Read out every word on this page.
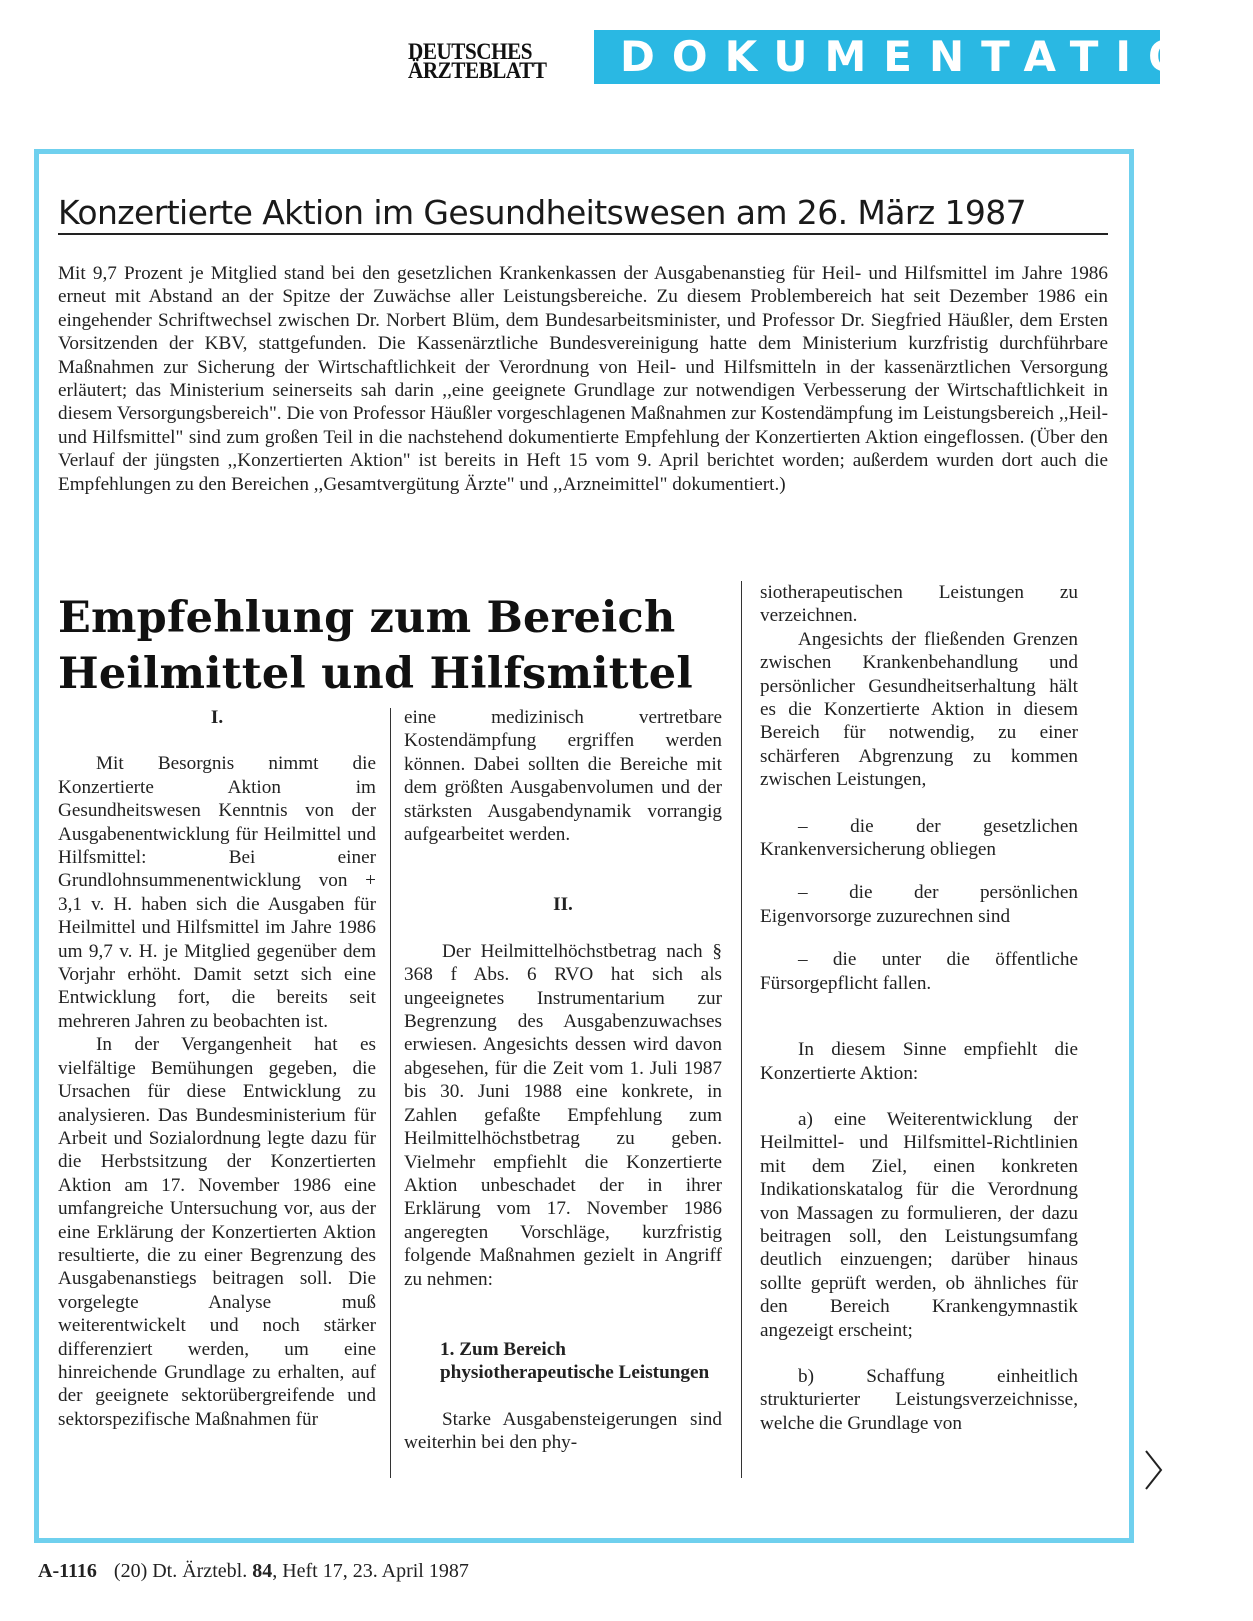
DEUTSCHES
ÄRZTEBLATT	DOKUMENTATION
Konzertierte Aktion im Gesundheitswesen am 26. März 1987
Mit 9,7 Prozent je Mitglied stand bei den gesetzlichen Krankenkassen der Ausgabenanstieg für Heil- und Hilfsmittel im Jahre 1986 erneut mit Abstand an der Spitze der Zuwächse aller Leistungsbereiche. Zu diesem Problembereich hat seit Dezember 1986 ein eingehender Schriftwechsel zwischen Dr. Norbert Blüm, dem Bundesarbeitsminister, und Professor Dr. Siegfried Häußler, dem Ersten Vorsitzenden der KBV, stattgefunden. Die Kassenärztliche Bundesvereinigung hatte dem Ministerium kurzfristig durchführbare Maßnahmen zur Sicherung der Wirtschaftlichkeit der Verordnung von Heil- und Hilfsmitteln in der kassenärztlichen Versorgung erläutert; das Ministerium seinerseits sah darin ,,eine geeignete Grundlage zur notwendigen Verbesserung der Wirtschaftlichkeit in diesem Versorgungsbereich". Die von Professor Häußler vorgeschlagenen Maßnahmen zur Kostendämpfung im Leistungsbereich ,,Heil- und Hilfsmittel" sind zum großen Teil in die nachstehend dokumentierte Empfehlung der Konzertierten Aktion eingeflossen. (Über den Verlauf der jüngsten ,,Konzertierten Aktion" ist bereits in Heft 15 vom 9. April berichtet worden; außerdem wurden dort auch die Empfehlungen zu den Bereichen ,,Gesamtvergütung Ärzte" und ,,Arzneimittel" dokumentiert.)
Empfehlung zum Bereich
Heilmittel und Hilfsmittel

I.

Mit Besorgnis nimmt die Konzertierte Aktion im Gesundheitswesen Kenntnis von der Ausgabenentwicklung für Heilmittel und Hilfsmittel: Bei einer Grundlohnsummenentwicklung von + 3,1 v. H. haben sich die Ausgaben für Heilmittel und Hilfsmittel im Jahre 1986 um 9,7 v. H. je Mitglied gegenüber dem Vorjahr erhöht. Damit setzt sich eine Entwicklung fort, die bereits seit mehreren Jahren zu beobachten ist.

In der Vergangenheit hat es vielfältige Bemühungen gegeben, die Ursachen für diese Entwicklung zu analysieren. Das Bundesministerium für Arbeit und Sozialordnung legte dazu für die Herbstsitzung der Konzertierten Aktion am 17. November 1986 eine umfangreiche Untersuchung vor, aus der eine Erklärung der Konzertierten Aktion resultierte, die zu einer Begrenzung des Ausgabenanstiegs beitragen soll. Die vorgelegte Analyse muß weiterentwickelt und noch stärker differenziert werden, um eine hinreichende Grundlage zu erhalten, auf der geeignete sektorübergreifende und sektorspezifische Maßnahmen für

eine medizinisch vertretbare Kostendämpfung ergriffen werden können. Dabei sollten die Bereiche mit dem größten Ausgabenvolumen und der stärksten Ausgabendynamik vorrangig aufgearbeitet werden.

II.

Der Heilmittelhöchstbetrag nach § 368 f Abs. 6 RVO hat sich als ungeeignetes Instrumentarium zur Begrenzung des Ausgabenzuwachses erwiesen. Angesichts dessen wird davon abgesehen, für die Zeit vom 1. Juli 1987 bis 30. Juni 1988 eine konkrete, in Zahlen gefaßte Empfehlung zum Heilmittelhöchstbetrag zu geben. Vielmehr empfiehlt die Konzertierte Aktion unbeschadet der in ihrer Erklärung vom 17. November 1986 angeregten Vorschläge, kurzfristig folgende Maßnahmen gezielt in Angriff zu nehmen:

1. Zum Bereich physiotherapeutische Leistungen

Starke Ausgabensteigerungen sind weiterhin bei den phy-

siotherapeutischen Leistungen zu verzeichnen.

Angesichts der fließenden Grenzen zwischen Krankenbehandlung und persönlicher Gesundheitserhaltung hält es die Konzertierte Aktion in diesem Bereich für notwendig, zu einer schärferen Abgrenzung zu kommen zwischen Leistungen,

– die der gesetzlichen Krankenversicherung obliegen

– die der persönlichen Eigenvorsorge zuzurechnen sind

– die unter die öffentliche Fürsorgepflicht fallen.

In diesem Sinne empfiehlt die Konzertierte Aktion:

a) eine Weiterentwicklung der Heilmittel- und Hilfsmittel-Richtlinien mit dem Ziel, einen konkreten Indikationskatalog für die Verordnung von Massagen zu formulieren, der dazu beitragen soll, den Leistungsumfang deutlich einzuengen; darüber hinaus sollte geprüft werden, ob ähnliches für den Bereich Krankengymnastik angezeigt erscheint;

b) Schaffung einheitlich strukturierter Leistungsverzeichnisse, welche die Grundlage von

A-1116 (20) Dt. Ärztebl. 84, Heft 17, 23. April 1987
